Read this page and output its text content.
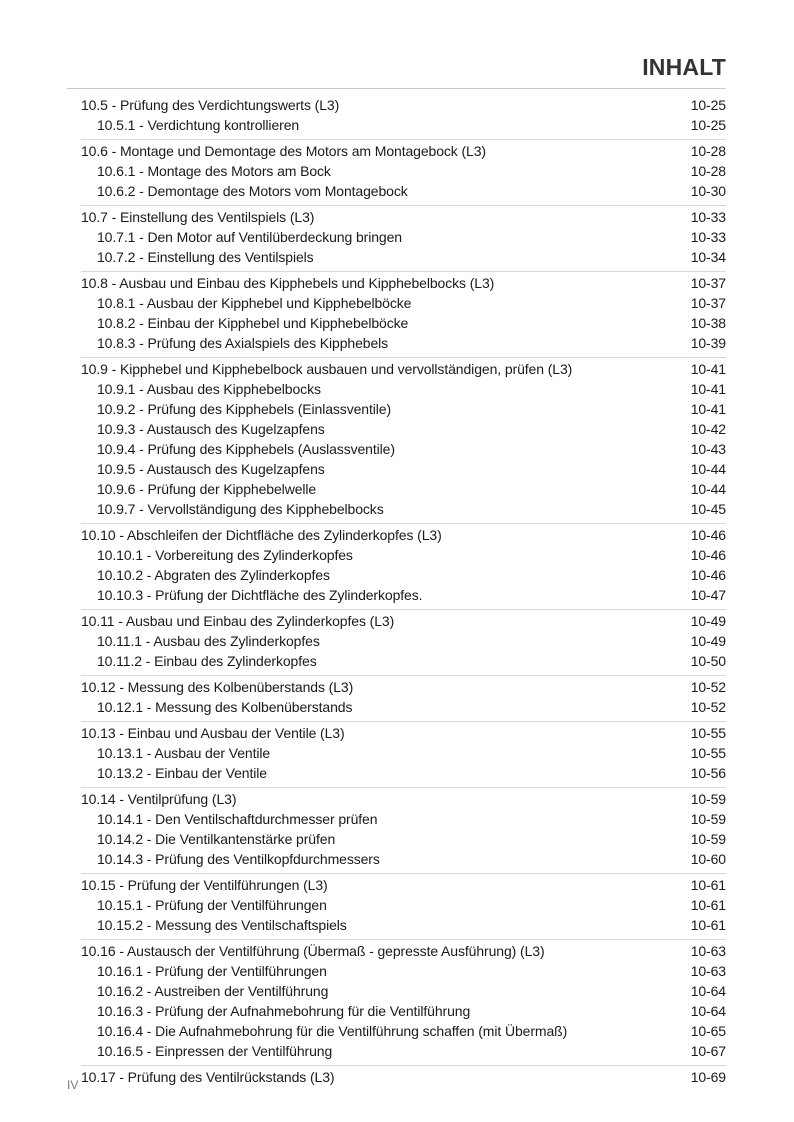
INHALT
10.5 - Prüfung des Verdichtungswerts (L3)	10-25
10.5.1 - Verdichtung kontrollieren	10-25
10.6 - Montage und Demontage des Motors am Montagebock (L3)	10-28
10.6.1 - Montage des Motors am Bock	10-28
10.6.2 - Demontage des Motors vom Montagebock	10-30
10.7 - Einstellung des Ventilspiels (L3)	10-33
10.7.1 - Den Motor auf Ventilüberdeckung bringen	10-33
10.7.2 - Einstellung des Ventilspiels	10-34
10.8 - Ausbau und Einbau des Kipphebels und Kipphebelbocks (L3)	10-37
10.8.1 - Ausbau der Kipphebel und Kipphebelböcke	10-37
10.8.2 - Einbau der Kipphebel und Kipphebelböcke	10-38
10.8.3 - Prüfung des Axialspiels des Kipphebels	10-39
10.9 - Kipphebel und Kipphebelbock ausbauen und vervollständigen, prüfen (L3)	10-41
10.9.1 - Ausbau des Kipphebelbocks	10-41
10.9.2 - Prüfung des Kipphebels (Einlassventile)	10-41
10.9.3 - Austausch des Kugelzapfens	10-42
10.9.4 - Prüfung des Kipphebels (Auslassventile)	10-43
10.9.5 - Austausch des Kugelzapfens	10-44
10.9.6 - Prüfung der Kipphebelwelle	10-44
10.9.7 - Vervollständigung des Kipphebelbocks	10-45
10.10 - Abschleifen der Dichtfläche des Zylinderkopfes (L3)	10-46
10.10.1 - Vorbereitung des Zylinderkopfes	10-46
10.10.2 - Abgraten des Zylinderkopfes	10-46
10.10.3 - Prüfung der Dichtfläche des Zylinderkopfes.	10-47
10.11 - Ausbau und Einbau des Zylinderkopfes (L3)	10-49
10.11.1 - Ausbau des Zylinderkopfes	10-49
10.11.2 - Einbau des Zylinderkopfes	10-50
10.12 - Messung des Kolbenüberstands (L3)	10-52
10.12.1 - Messung des Kolbenüberstands	10-52
10.13 - Einbau und Ausbau der Ventile (L3)	10-55
10.13.1 - Ausbau der Ventile	10-55
10.13.2 - Einbau der Ventile	10-56
10.14 - Ventilprüfung (L3)	10-59
10.14.1 - Den Ventilschaftdurchmesser prüfen	10-59
10.14.2 - Die Ventilkantenstärke prüfen	10-59
10.14.3 - Prüfung des Ventilkopfdurchmessers	10-60
10.15 - Prüfung der Ventilführungen (L3)	10-61
10.15.1 - Prüfung der Ventilführungen	10-61
10.15.2 - Messung des Ventilschaftspiels	10-61
10.16 - Austausch der Ventilführung (Übermaß - gepresste Ausführung) (L3)	10-63
10.16.1 - Prüfung der Ventilführungen	10-63
10.16.2 - Austreiben der Ventilführung	10-64
10.16.3 - Prüfung der Aufnahmebohrung für die Ventilführung	10-64
10.16.4 - Die Aufnahmebohrung für die Ventilführung schaffen (mit Übermaß)	10-65
10.16.5 - Einpressen der Ventilführung	10-67
10.17 - Prüfung des Ventilrückstands (L3)	10-69
IV
